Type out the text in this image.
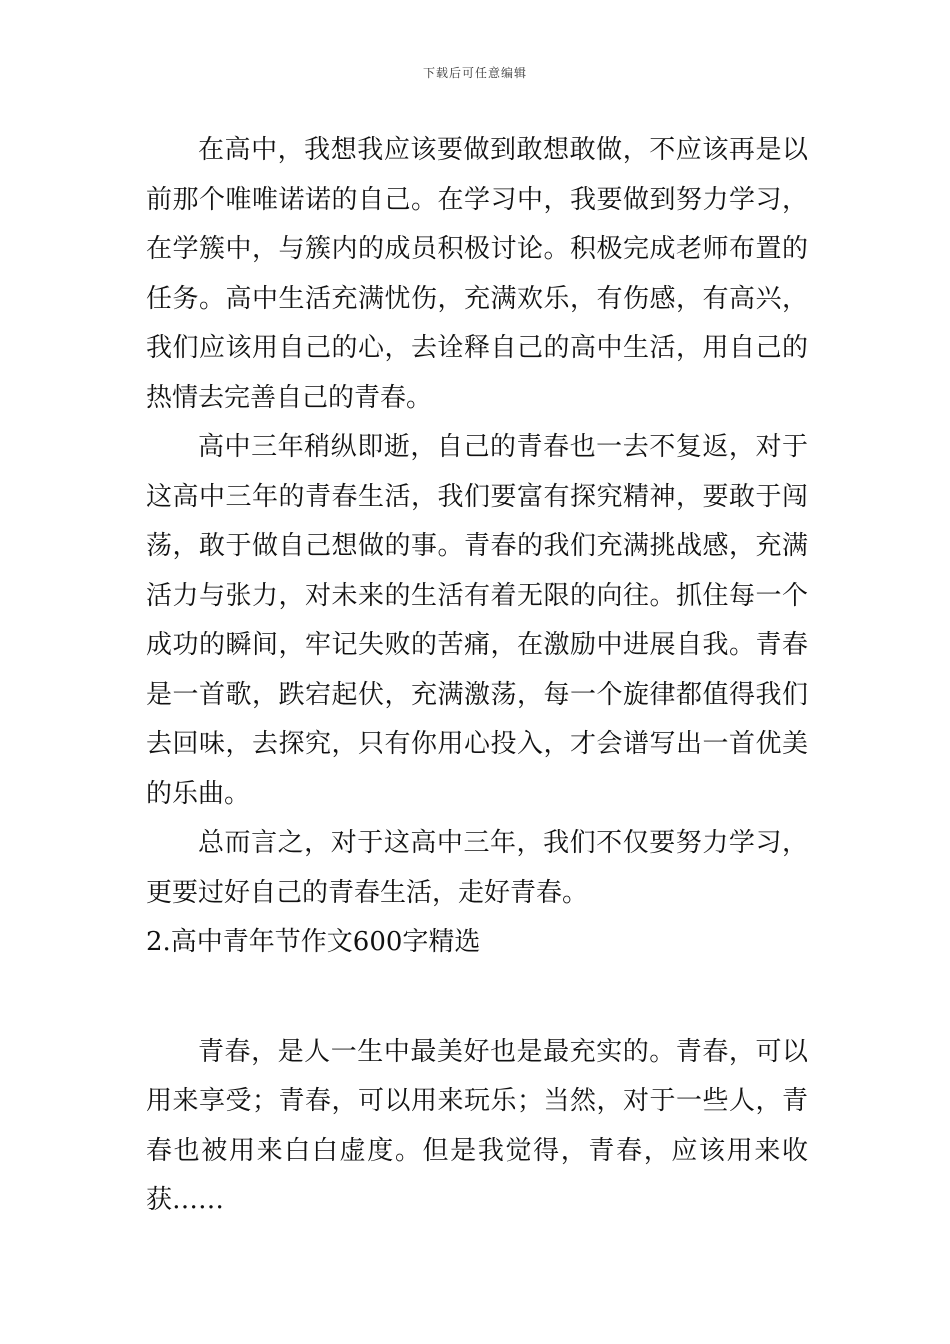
下载后可任意编辑

在高中，我想我应该要做到敢想敢做，不应该再是以前那个唯唯诺诺的自己。在学习中，我要做到努力学习，在学簇中，与簇内的成员积极讨论。积极完成老师布置的任务。高中生活充满忧伤，充满欢乐，有伤感，有高兴，我们应该用自己的心，去诠释自己的高中生活，用自己的热情去完善自己的青春。

高中三年稍纵即逝，自己的青春也一去不复返，对于这高中三年的青春生活，我们要富有探究精神，要敢于闯荡，敢于做自己想做的事。青春的我们充满挑战感，充满活力与张力，对未来的生活有着无限的向往。抓住每一个成功的瞬间，牢记失败的苦痛，在激励中进展自我。青春是一首歌，跌宕起伏，充满激荡，每一个旋律都值得我们去回味，去探究，只有你用心投入，才会谱写出一首优美的乐曲。

总而言之，对于这高中三年，我们不仅要努力学习，更要过好自己的青春生活，走好青春。

2.高中青年节作文600字精选

青春，是人一生中最美好也是最充实的。青春，可以用来享受；青春，可以用来玩乐；当然，对于一些人，青春也被用来白白虚度。但是我觉得，青春，应该用来收获……
